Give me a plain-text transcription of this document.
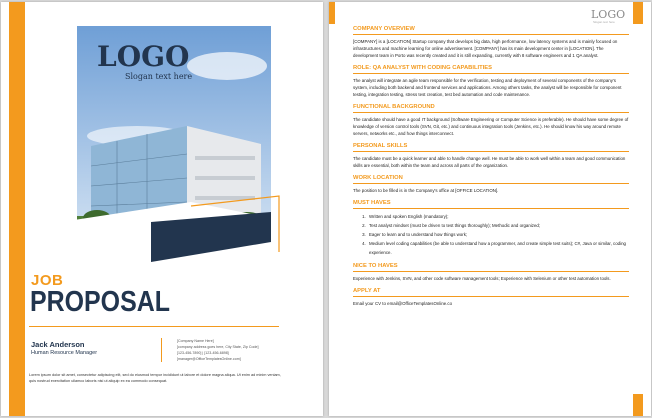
LOGO
Slogan text here
JOB
PROPOSAL
Jack Anderson
Human Resource Manager
[Company Name Here]
[company address goes here, City State, Zip Code]
[123-456-7890] | [123-456-6898]
[manager@OfficeTemplatesOnline.com]
Lorem ipsum dolor sit amet, consectetur adipiscing elit, sed do eiusmod tempor incididunt ut labore et dolore magna aliqua. Ut enim ad minim veniam, quis nostrud exercitation ullamco laboris nisi ut aliquip ex ea commodo consequat.
LOGO
Slogan text here
COMPANY OVERVIEW

[COMPANY] is a [LOCATION] Startup company that develops big data, high performance, low latency systems and is mainly focused on infrastructures and machine learning for online advertisement. [COMPANY] has its main development center in [LOCATION]. The development team in Porto was recently created and it is still expanding, currently with 8 software engineers and 1 QA analyst.

ROLE: QA ANALYST WITH CODING CAPABILITIES

The analyst will integrate an agile team responsible for the verification, testing and deployment of several components of the company's system, including both backend and frontend services and applications. Among others tasks, the analyst will be responsible for component testing, integration testing, stress test creation, test bed automation and code maintenance.

FUNCTIONAL BACKGROUND

The candidate should have a good IT background (Software Engineering or Computer Science is preferable). He should have some degree of knowledge of version control tools (SVN, Git, etc.) and continuous integration tools (Jenkins, etc.). He should know his way around remote servers, networks etc., and how things interconnect.

PERSONAL SKILLS

The candidate must be a quick learner and able to handle change well. He must be able to work well within a team and good communication skills are essential, both within the team and across all parts of the organization.

WORK LOCATION

The position to be filled is in the Company's office at [OFFICE LOCATION].

MUST HAVES
1. Written and spoken English (mandatory);
2. Test analyst mindset (must be driven to test things thoroughly); Methodic and organized;
3. Eager to learn and to understand how things work;
4. Medium level coding capabilities (be able to understand how a programmer, and create simple test suits); C#, Java or similar, coding experience.
NICE TO HAVES

Experience with Jenkins, SVN, and other code software management tools; Experience with Selenium or other test automation tools.

APPLY AT

Email your CV to email@OfficeTemplatesOnline.co
